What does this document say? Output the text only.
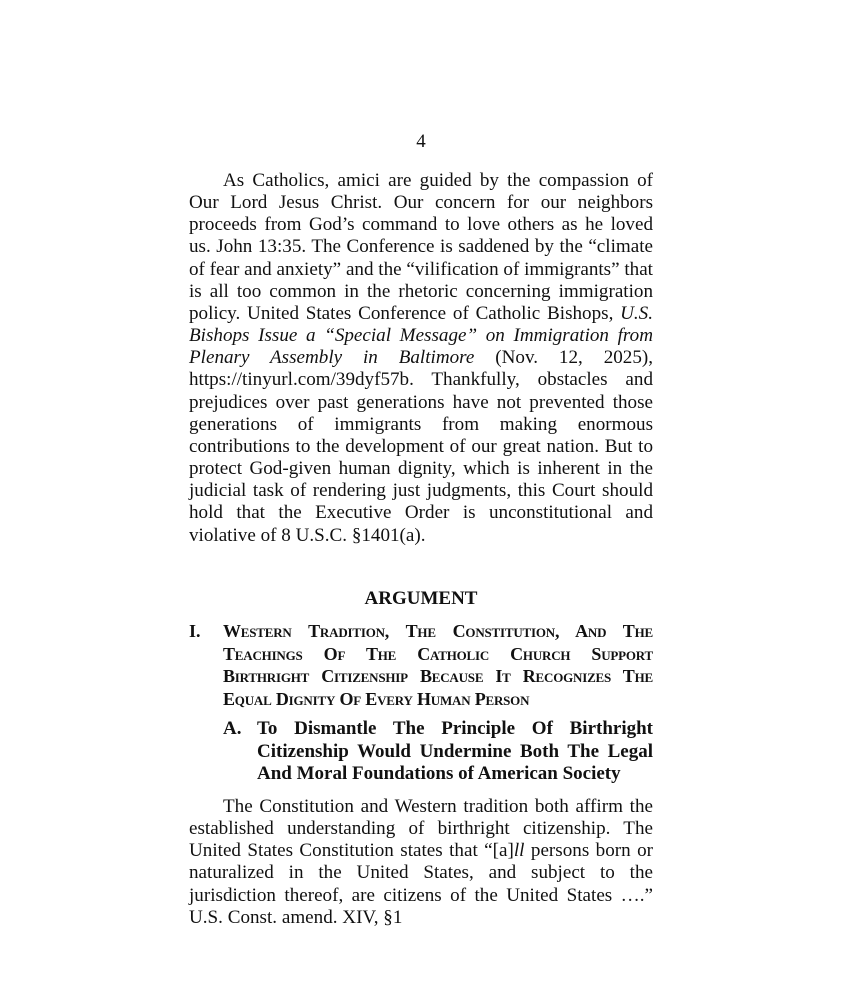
4

As Catholics, amici are guided by the compassion of Our Lord Jesus Christ. Our concern for our neighbors proceeds from God’s command to love others as he loved us. John 13:35. The Conference is saddened by the “climate of fear and anxiety” and the “vilification of immigrants” that is all too common in the rhetoric concerning immigration policy. United States Conference of Catholic Bishops, U.S. Bishops Issue a “Special Message” on Immigration from Plenary Assembly in Baltimore (Nov. 12, 2025), https://tinyurl.com/39dyf57b. Thankfully, obstacles and prejudices over past generations have not prevented those generations of immigrants from making enormous contributions to the development of our great nation. But to protect God-given human dignity, which is inherent in the judicial task of rendering just judgments, this Court should hold that the Executive Order is unconstitutional and violative of 8 U.S.C. §1401(a).

ARGUMENT
I. Western Tradition, The Constitution, And The Teachings Of The Catholic Church Support Birthright Citizenship Because It Recognizes The Equal Dignity Of Every Human Person
A. To Dismantle The Principle Of Birthright Citizenship Would Undermine Both The Legal And Moral Foundations of American Society

The Constitution and Western tradition both affirm the established understanding of birthright citizenship. The United States Constitution states that “[a]ll persons born or naturalized in the United States, and subject to the jurisdiction thereof, are citizens of the United States ….” U.S. Const. amend. XIV, §1
